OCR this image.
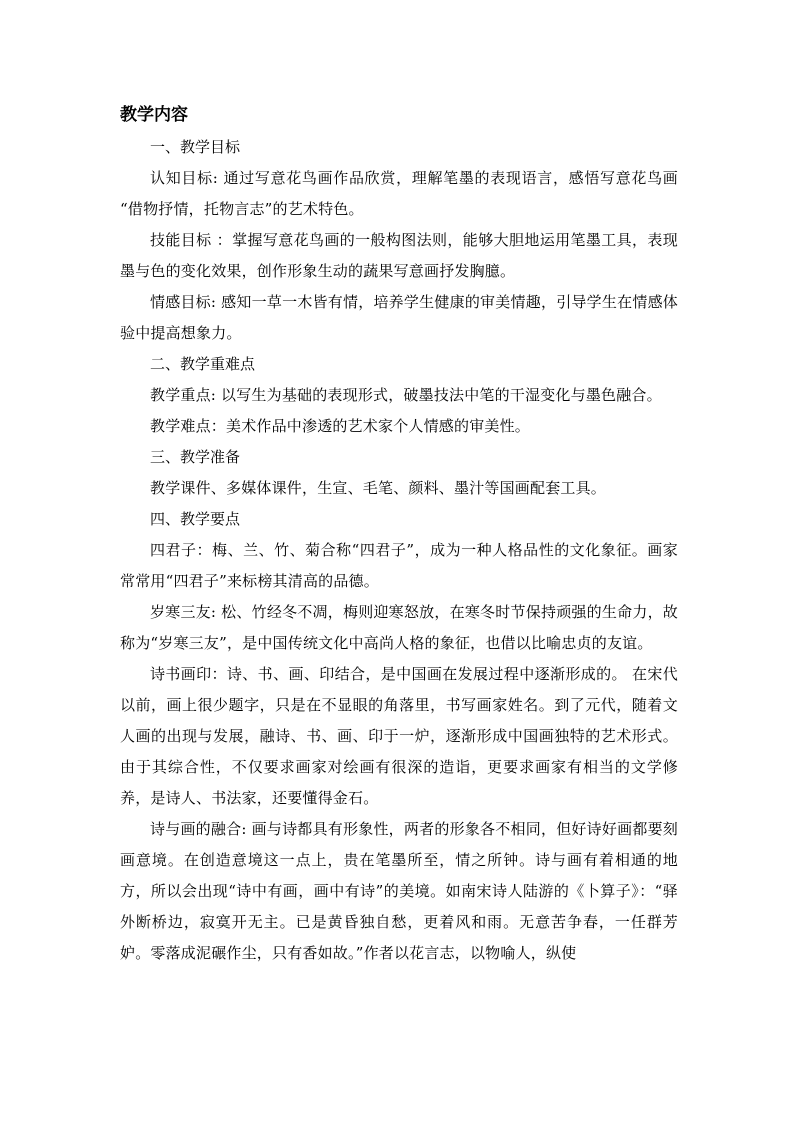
教学内容

一、教学目标

认知目标: 通过写意花鸟画作品欣赏，理解笔墨的表现语言，感悟写意花鸟画 “借物抒情，托物言志”的艺术特色。

技能目标 ：掌握写意花鸟画的一般构图法则，能够大胆地运用笔墨工具，表现墨与色的变化效果，创作形象生动的蔬果写意画抒发胸臆。

情感目标: 感知一草一木皆有情，培养学生健康的审美情趣，引导学生在情感体验中提高想象力。

二、教学重难点

教学重点: 以写生为基础的表现形式，破墨技法中笔的干湿变化与墨色融合。

教学难点：美术作品中渗透的艺术家个人情感的审美性。

三、教学准备

教学课件、多媒体课件，生宣、毛笔、颜料、墨汁等国画配套工具。

四、教学要点

四君子：梅、兰、竹、菊合称“四君子”，成为一种人格品性的文化象征。画家常常用“四君子”来标榜其清高的品德。

岁寒三友: 松、竹经冬不凋，梅则迎寒怒放，在寒冬时节保持顽强的生命力，故称为“岁寒三友”，是中国传统文化中高尚人格的象征，也借以比喻忠贞的友谊。

诗书画印：诗、书、画、印结合，是中国画在发展过程中逐渐形成的。 在宋代以前，画上很少题字，只是在不显眼的角落里，书写画家姓名。到了元代，随着文人画的出现与发展，融诗、书、画、印于一炉，逐渐形成中国画独特的艺术形式。由于其综合性，不仅要求画家对绘画有很深的造诣，更要求画家有相当的文学修养，是诗人、书法家，还要懂得金石。

诗与画的融合: 画与诗都具有形象性，两者的形象各不相同，但好诗好画都要刻画意境。在创造意境这一点上，贵在笔墨所至，情之所钟。诗与画有着相通的地方，所以会出现“诗中有画，画中有诗”的美境。如南宋诗人陆游的《卜算子》：“驿外断桥边，寂寞开无主。已是黄昏独自愁，更着风和雨。无意苦争春，一任群芳妒。零落成泥碾作尘，只有香如故。”作者以花言志，以物喻人，纵使
